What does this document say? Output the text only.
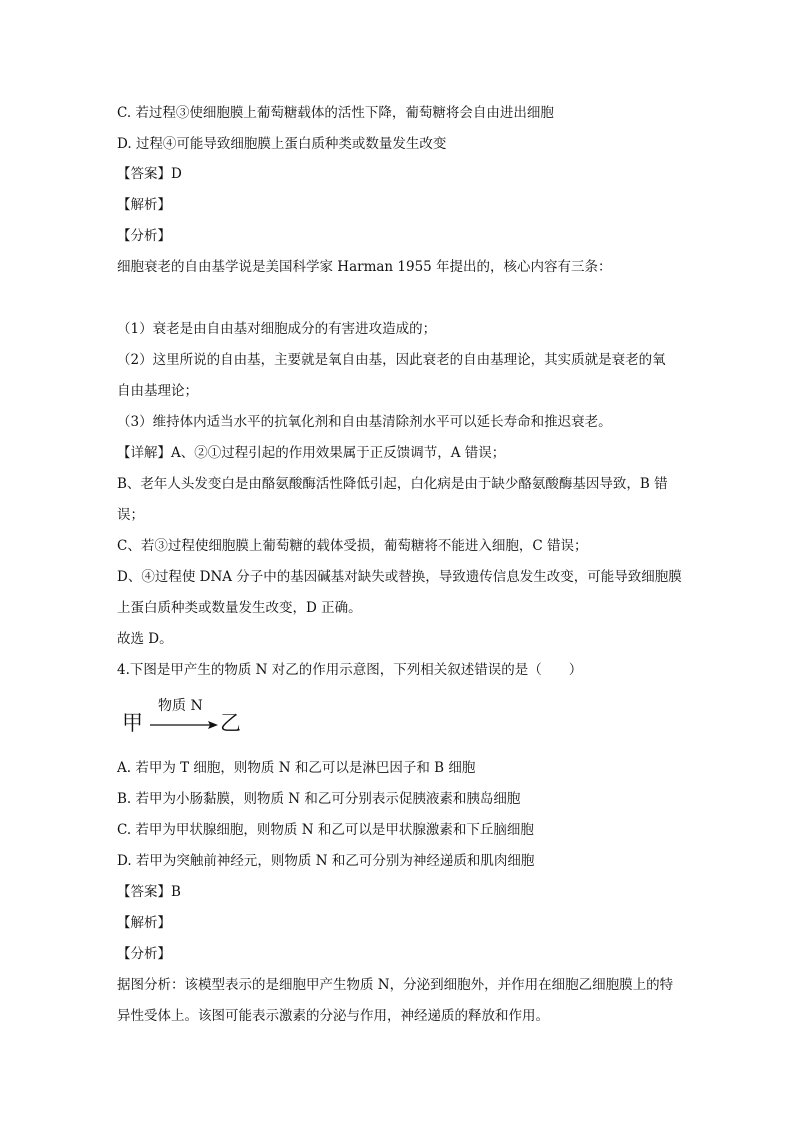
C. 若过程③使细胞膜上葡萄糖载体的活性下降，葡萄糖将会自由进出细胞
D. 过程④可能导致细胞膜上蛋白质种类或数量发生改变
【答案】D
【解析】
【分析】
细胞衰老的自由基学说是美国科学家 Harman 1955 年提出的，核心内容有三条：
（1）衰老是由自由基对细胞成分的有害进攻造成的；
（2）这里所说的自由基，主要就是氧自由基，因此衰老的自由基理论，其实质就是衰老的氧
自由基理论；
（3）维持体内适当水平的抗氧化剂和自由基清除剂水平可以延长寿命和推迟衰老。
【详解】A、②①过程引起的作用效果属于正反馈调节，A 错误；
B、老年人头发变白是由酪氨酸酶活性降低引起，白化病是由于缺少酪氨酸酶基因导致，B 错
误；
C、若③过程使细胞膜上葡萄糖的载体受损，葡萄糖将不能进入细胞，C 错误；
D、④过程使 DNA 分子中的基因碱基对缺失或替换，导致遗传信息发生改变，可能导致细胞膜
上蛋白质种类或数量发生改变，D 正确。
故选 D。
4.下图是甲产生的物质 N 对乙的作用示意图，下列相关叙述错误的是（　　）
甲
物质 N
乙
A. 若甲为 T 细胞，则物质 N 和乙可以是淋巴因子和 B 细胞
B. 若甲为小肠黏膜，则物质 N 和乙可分别表示促胰液素和胰岛细胞
C. 若甲为甲状腺细胞，则物质 N 和乙可以是甲状腺激素和下丘脑细胞
D. 若甲为突触前神经元，则物质 N 和乙可分别为神经递质和肌肉细胞
【答案】B
【解析】
【分析】
据图分析：该模型表示的是细胞甲产生物质 N，分泌到细胞外，并作用在细胞乙细胞膜上的特
异性受体上。该图可能表示激素的分泌与作用，神经递质的释放和作用。
